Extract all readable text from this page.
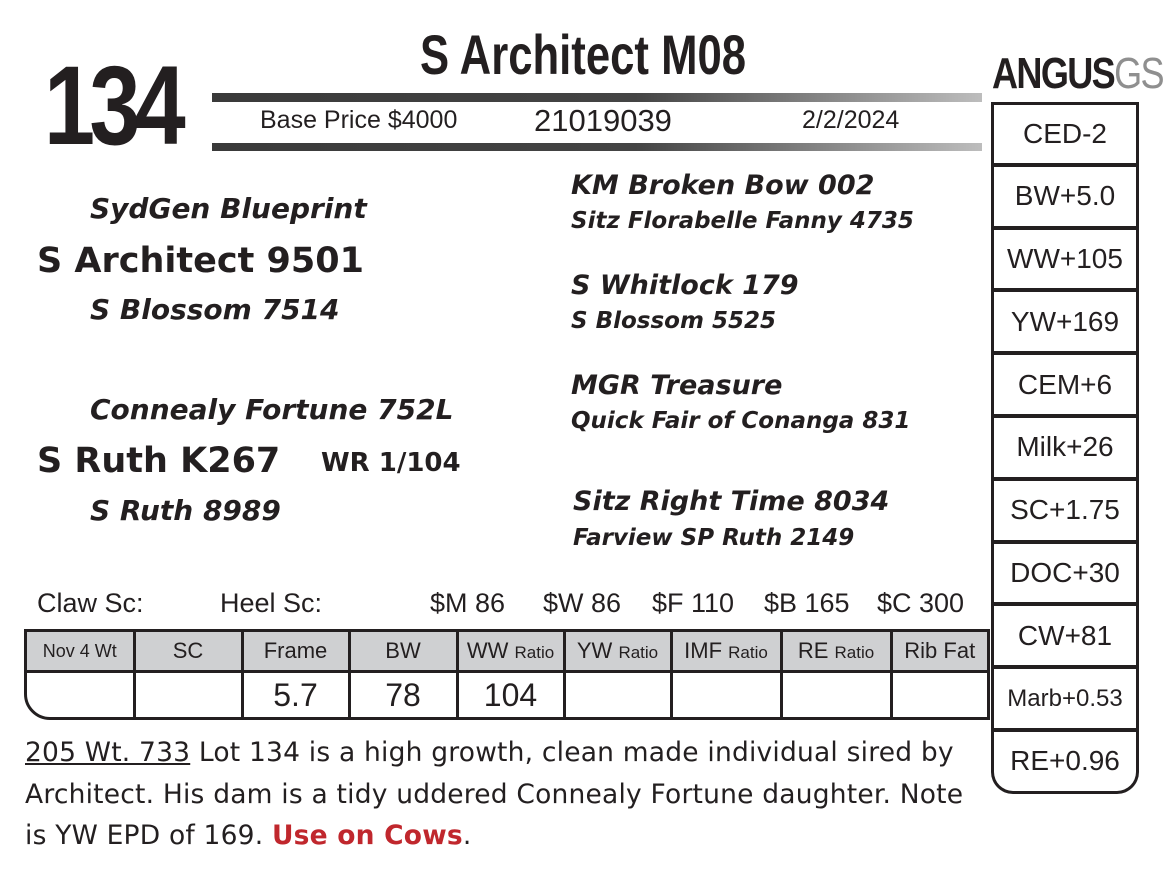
134	S Architect M08
Base Price $4000 21019039	2/2/2024
ANGUSGS
CED-2
BW+5.0
WW+105
YW+169
CEM+6
Milk+26
SC+1.75
DOC+30
CW+81
Marb+0.53
RE+0.96
SydGen Blueprint
S Architect 9501
S Blossom 7514
Connealy Fortune 752L
S Ruth K267 WR 1/104
S Ruth 8989
KM Broken Bow 002
Sitz Florabelle Fanny 4735
S Whitlock 179
S Blossom 5525
MGR Treasure
Quick Fair of Conanga 831
Sitz Right Time 8034
Farview SP Ruth 2149
Claw Sc:	Heel Sc:	$M 86 $W 86 $F 110 $B 165 $C 300
Nov 4 Wt	SC	Frame	BW	WW Ratio	YW Ratio	IMF Ratio	RE Ratio	Rib Fat
		5.7	78	104				
205 Wt. 733 Lot 134 is a high growth, clean made individual sired by Architect. His dam is a tidy uddered Connealy Fortune daughter. Note is YW EPD of 169. Use on Cows.
